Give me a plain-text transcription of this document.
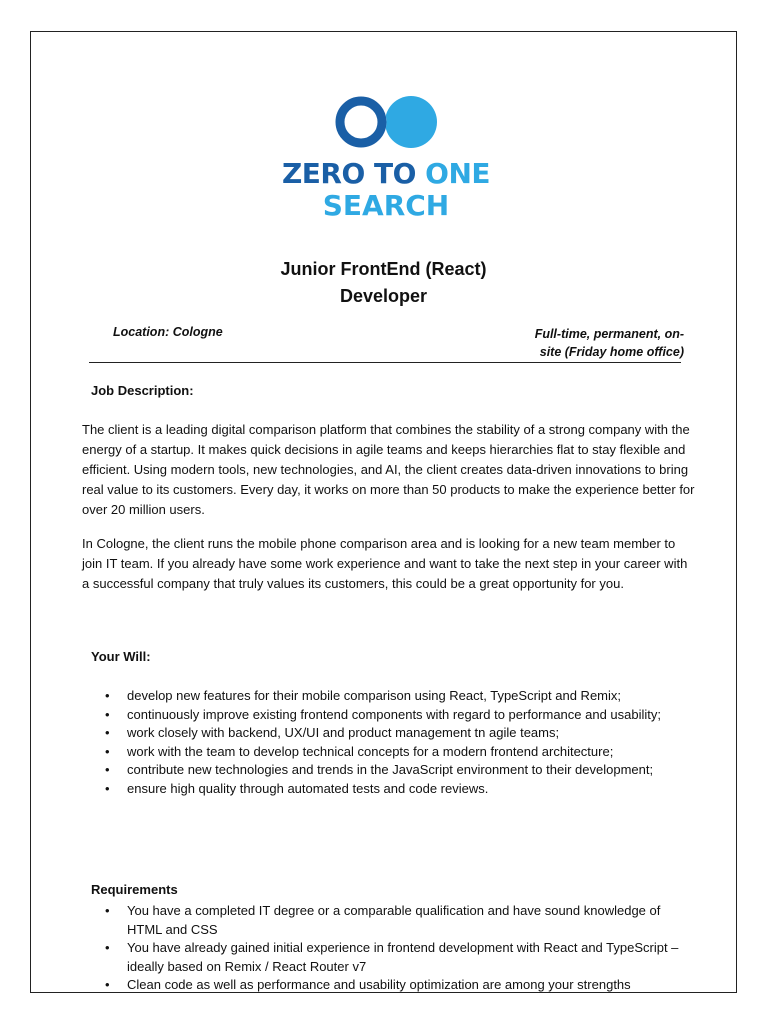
ZERO TO ONE
SEARCH
Junior FrontEnd (React)
Developer
Location: Cologne	Full-time, permanent, on-
site (Friday home office)
Job Description:
The client is a leading digital comparison platform that combines the stability of a strong company with the energy of a startup. It makes quick decisions in agile teams and keeps hierarchies flat to stay flexible and efficient. Using modern tools, new technologies, and AI, the client creates data-driven innovations to bring real value to its customers. Every day, it works on more than 50 products to make the experience better for over 20 million users.
In Cologne, the client runs the mobile phone comparison area and is looking for a new team member to join IT team. If you already have some work experience and want to take the next step in your career with a successful company that truly values its customers, this could be a great opportunity for you.
Your Will:
• develop new features for their mobile comparison using React, TypeScript and Remix;
• continuously improve existing frontend components with regard to performance and usability;
• work closely with backend, UX/UI and product management tn agile teams;
• work with the team to develop technical concepts for a modern frontend architecture;
• contribute new technologies and trends in the JavaScript environment to their development;
• ensure high quality through automated tests and code reviews.
Requirements
• You have a completed IT degree or a comparable qualification and have sound knowledge of HTML and CSS
• You have already gained initial experience in frontend development with React and TypeScript – ideally based on Remix / React Router v7
• Clean code as well as performance and usability optimization are among your strengths
